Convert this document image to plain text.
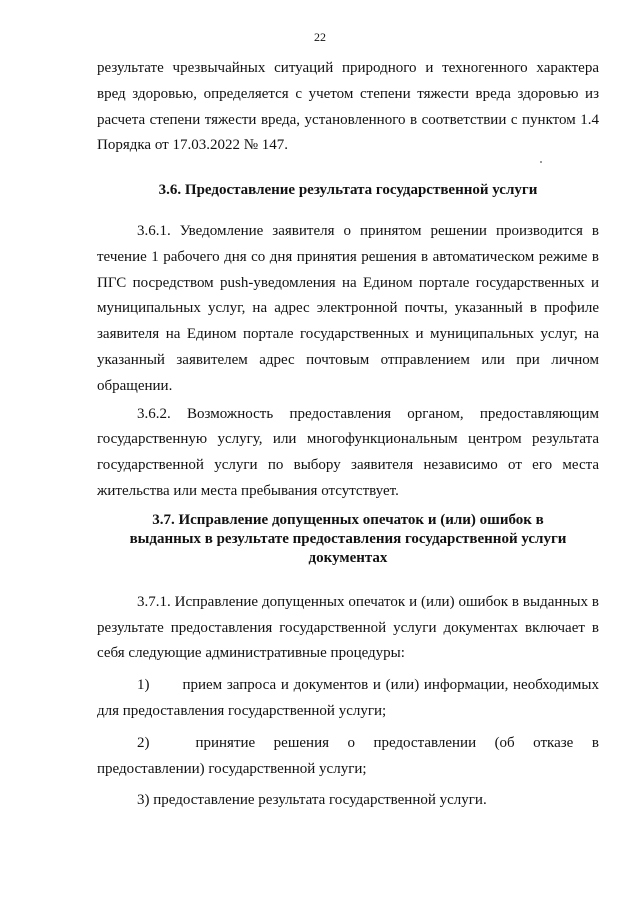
22

результате чрезвычайных ситуаций природного и техногенного характера вред здоровью, определяется с учетом степени тяжести вреда здоровью из расчета степени тяжести вреда, установленного в соответствии с пунктом 1.4 Порядка от 17.03.2022 № 147.

3.6. Предоставление результата государственной услуги

3.6.1. Уведомление заявителя о принятом решении производится в течение 1 рабочего дня со дня принятия решения в автоматическом режиме в ПГС посредством push-уведомления на Едином портале государственных и муниципальных услуг, на адрес электронной почты, указанный в профиле заявителя на Едином портале государственных и муниципальных услуг, на указанный заявителем адрес почтовым отправлением или при личном обращении.

3.6.2. Возможность предоставления органом, предоставляющим государственную услугу, или многофункциональным центром результата государственной услуги по выбору заявителя независимо от его места жительства или места пребывания отсутствует.

3.7. Исправление допущенных опечаток и (или) ошибок в
выданных в результате предоставления государственной услуги
документах

3.7.1. Исправление допущенных опечаток и (или) ошибок в выданных в результате предоставления государственной услуги документах включает в себя следующие административные процедуры:

1) прием запроса и документов и (или) информации, необходимых для предоставления государственной услуги;

2)	принятие решения о предоставлении (об отказе в

предоставлении) государственной услуги;

3) предоставление результата государственной услуги.
